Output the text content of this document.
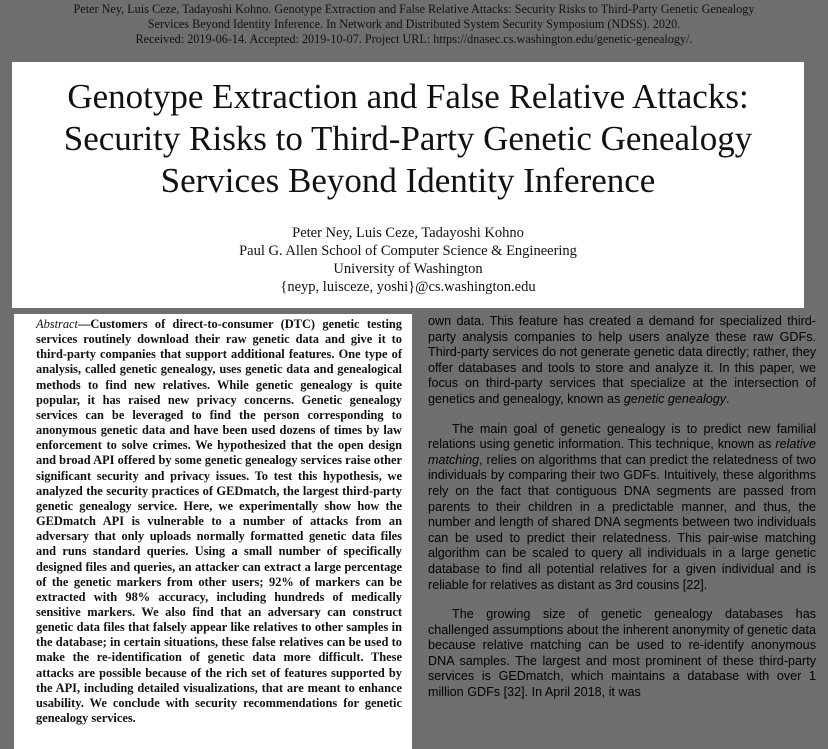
Peter Ney, Luis Ceze, Tadayoshi Kohno. Genotype Extraction and False Relative Attacks: Security Risks to Third-Party Genetic Genealogy
Services Beyond Identity Inference. In Network and Distributed System Security Symposium (NDSS). 2020.
Received: 2019-06-14. Accepted: 2019-10-07. Project URL: https://dnasec.cs.washington.edu/genetic-genealogy/.
Genotype Extraction and False Relative Attacks:
Security Risks to Third-Party Genetic Genealogy
Services Beyond Identity Inference
Peter Ney, Luis Ceze, Tadayoshi Kohno
Paul G. Allen School of Computer Science & Engineering
University of Washington
{neyp, luisceze, yoshi}@cs.washington.edu

Abstract—Customers of direct-to-consumer (DTC) genetic testing services routinely download their raw genetic data and give it to third-party companies that support additional features. One type of analysis, called genetic genealogy, uses genetic data and genealogical methods to find new relatives. While genetic genealogy is quite popular, it has raised new privacy concerns. Genetic genealogy services can be leveraged to find the person corresponding to anonymous genetic data and have been used dozens of times by law enforcement to solve crimes. We hypothesized that the open design and broad API offered by some genetic genealogy services raise other significant security and privacy issues. To test this hypothesis, we analyzed the security practices of GEDmatch, the largest third-party genetic genealogy service. Here, we experimentally show how the GEDmatch API is vulnerable to a number of attacks from an adversary that only uploads normally formatted genetic data files and runs standard queries. Using a small number of specifically designed files and queries, an attacker can extract a large percentage of the genetic markers from other users; 92% of markers can be extracted with 98% accuracy, including hundreds of medically sensitive markers. We also find that an adversary can construct genetic data files that falsely appear like relatives to other samples in the database; in certain situations, these false relatives can be used to make the re-identification of genetic data more difficult. These attacks are possible because of the rich set of features supported by the API, including detailed visualizations, that are meant to enhance usability. We conclude with security recommendations for genetic genealogy services.

own data. This feature has created a demand for specialized third-party analysis companies to help users analyze these raw GDFs. Third-party services do not generate genetic data directly; rather, they offer databases and tools to store and analyze it. In this paper, we focus on third-party services that specialize at the intersection of genetics and genealogy, known as genetic genealogy.

The main goal of genetic genealogy is to predict new familial relations using genetic information. This technique, known as relative matching, relies on algorithms that can predict the relatedness of two individuals by comparing their two GDFs. Intuitively, these algorithms rely on the fact that contiguous DNA segments are passed from parents to their children in a predictable manner, and thus, the number and length of shared DNA segments between two individuals can be used to predict their relatedness. This pair-wise matching algorithm can be scaled to query all individuals in a large genetic database to find all potential relatives for a given individual and is reliable for relatives as distant as 3rd cousins [22].

The growing size of genetic genealogy databases has challenged assumptions about the inherent anonymity of genetic data because relative matching can be used to re-identify anonymous DNA samples. The largest and most prominent of these third-party services is GEDmatch, which maintains a database with over 1 million GDFs [32]. In April 2018, it was
